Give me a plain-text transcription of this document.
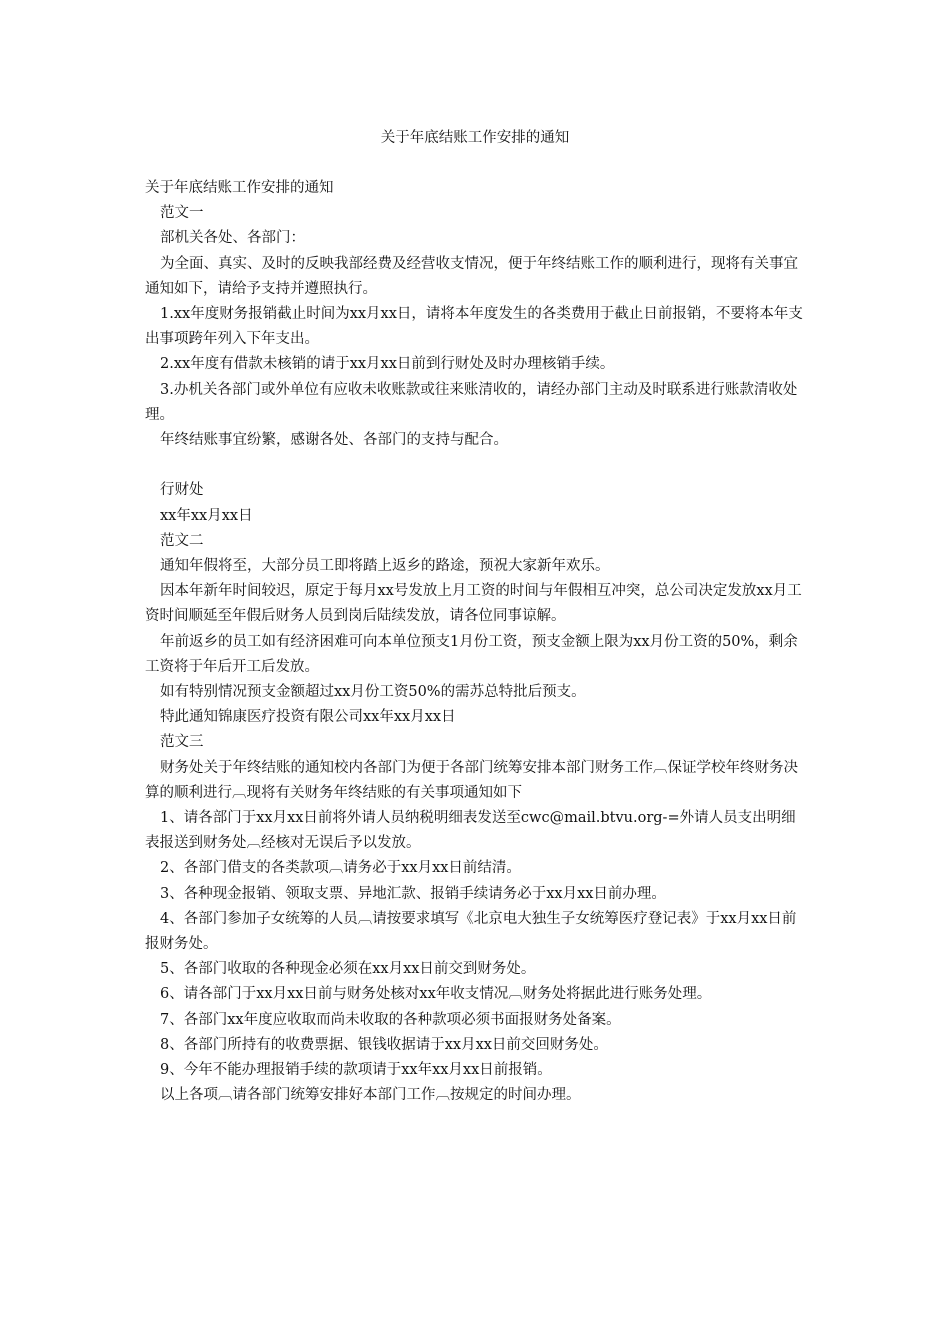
关于年底结账工作安排的通知

关于年底结账工作安排的通知

范文一

部机关各处、各部门：

为全面、真实、及时的反映我部经费及经营收支情况，便于年终结账工作的顺利进行，现将有关事宜通知如下，请给予支持并遵照执行。

1.xx年度财务报销截止时间为xx月xx日，请将本年度发生的各类费用于截止日前报销，不要将本年支出事项跨年列入下年支出。

2.xx年度有借款未核销的请于xx月xx日前到行财处及时办理核销手续。

3.办机关各部门或外单位有应收未收账款或往来账清收的，请经办部门主动及时联系进行账款清收处理。

年终结账事宜纷繁，感谢各处、各部门的支持与配合。

行财处

xx年xx月xx日

范文二

通知年假将至，大部分员工即将踏上返乡的路途，预祝大家新年欢乐。

因本年新年时间较迟，原定于每月xx号发放上月工资的时间与年假相互冲突，总公司决定发放xx月工资时间顺延至年假后财务人员到岗后陆续发放，请各位同事谅解。

年前返乡的员工如有经济困难可向本单位预支1月份工资，预支金额上限为xx月份工资的50%，剩余工资将于年后开工后发放。

如有特别情况预支金额超过xx月份工资50%的需苏总特批后预支。

特此通知锦康医疗投资有限公司xx年xx月xx日

范文三

财务处关于年终结账的通知校内各部门为便于各部门统筹安排本部门财务工作︹保证学校年终财务决算的顺利进行︹现将有关财务年终结账的有关事项通知如下

1、请各部门于xx月xx日前将外请人员纳税明细表发送至cwc@mail.btvu.org-=外请人员支出明细表报送到财务处︹经核对无误后予以发放。

2、各部门借支的各类款项︹请务必于xx月xx日前结清。

3、各种现金报销、领取支票、异地汇款、报销手续请务必于xx月xx日前办理。

4、各部门参加子女统筹的人员︹请按要求填写《北京电大独生子女统筹医疗登记表》于xx月xx日前报财务处。

5、各部门收取的各种现金必须在xx月xx日前交到财务处。

6、请各部门于xx月xx日前与财务处核对xx年收支情况︹财务处将据此进行账务处理。

7、各部门xx年度应收取而尚未收取的各种款项必须书面报财务处备案。

8、各部门所持有的收费票据、银钱收据请于xx月xx日前交回财务处。

9、今年不能办理报销手续的款项请于xx年xx月xx日前报销。

以上各项︹请各部门统筹安排好本部门工作︹按规定的时间办理。
